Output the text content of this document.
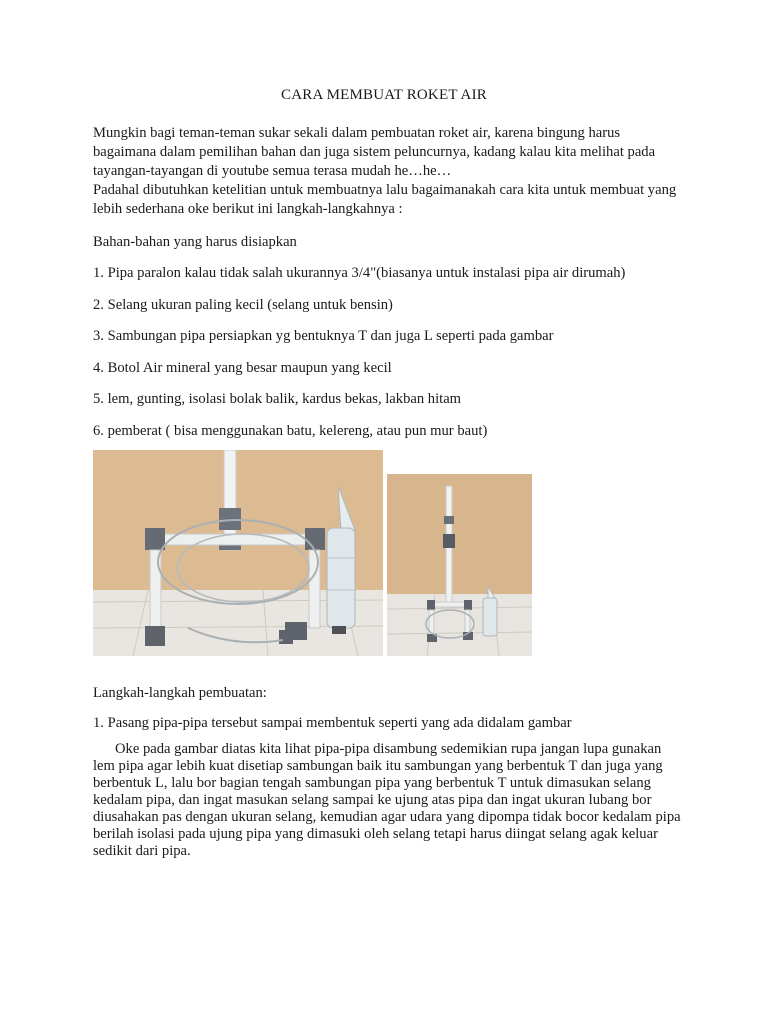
CARA MEMBUAT ROKET AIR

Mungkin bagi teman-teman sukar sekali dalam pembuatan roket air, karena bingung harus bagaimana dalam pemilihan bahan dan juga sistem peluncurnya, kadang kalau kita melihat pada tayangan-tayangan di youtube semua terasa mudah he…he…

Padahal dibutuhkan ketelitian untuk membuatnya lalu bagaimanakah cara kita untuk membuat yang lebih sederhana oke berikut ini langkah-langkahnya :

Bahan-bahan yang harus disiapkan
1. Pipa paralon kalau tidak salah ukurannya 3/4"(biasanya untuk instalasi pipa air dirumah)
2. Selang ukuran paling kecil (selang untuk bensin)
3. Sambungan pipa persiapkan yg bentuknya T dan juga L seperti pada gambar
4. Botol Air mineral yang besar maupun yang kecil
5. lem, gunting, isolasi bolak balik, kardus bekas, lakban hitam
6. pemberat ( bisa menggunakan batu, kelereng, atau pun mur baut)
Langkah-langkah pembuatan:
1. Pasang pipa-pipa tersebut sampai membentuk seperti yang ada didalam gambar

Oke pada gambar diatas kita lihat pipa-pipa disambung sedemikian rupa jangan lupa gunakan lem pipa agar lebih kuat disetiap sambungan baik itu sambungan yang berbentuk T dan juga yang berbentuk L, lalu bor bagian tengah sambungan pipa yang berbentuk T untuk dimasukan selang kedalam pipa, dan ingat masukan selang sampai ke ujung atas pipa dan ingat ukuran lubang bor diusahakan pas dengan ukuran selang, kemudian agar udara yang dipompa tidak bocor kedalam pipa berilah isolasi pada ujung pipa yang dimasuki oleh selang tetapi harus diingat selang agak keluar sedikit dari pipa.
